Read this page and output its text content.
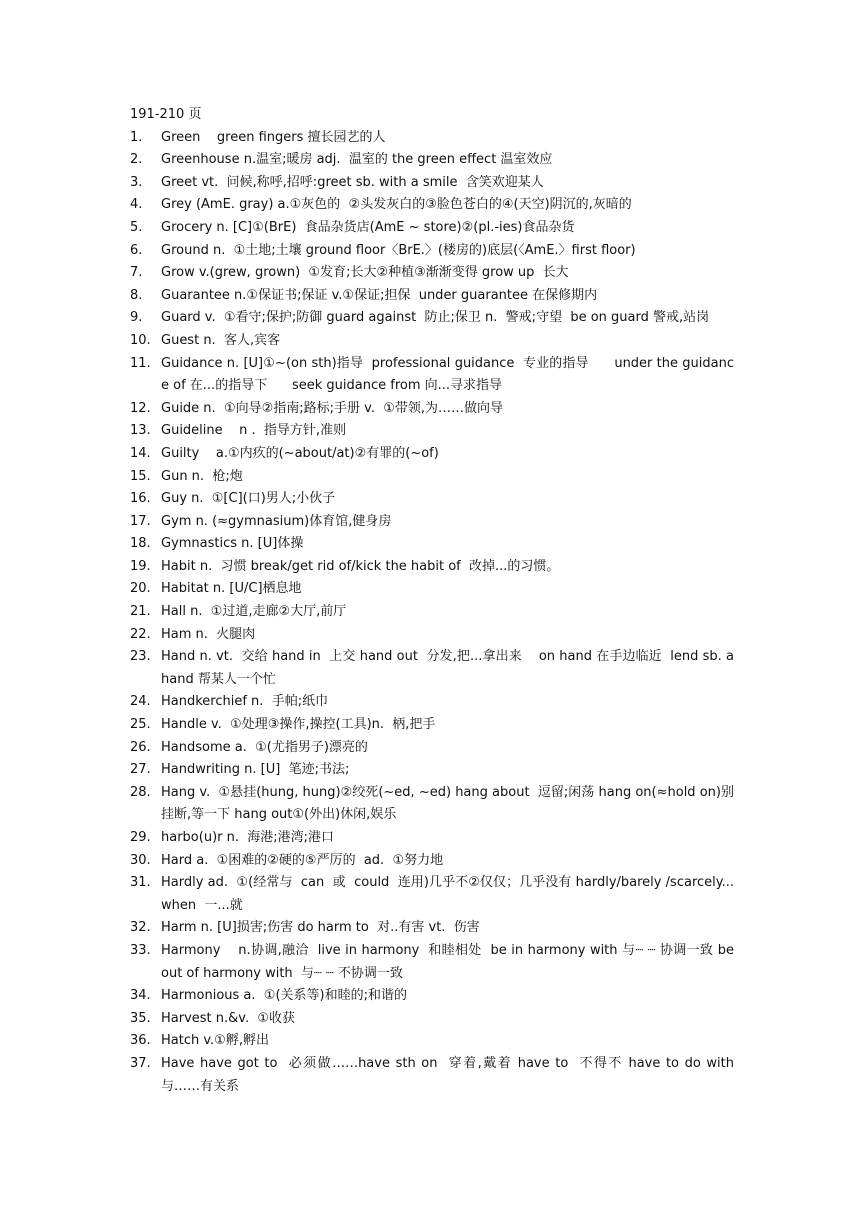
191-210 页

1.	Green    green fingers 擅长园艺的人
2.	Greenhouse n.温室;暖房 adj.  温室的 the green effect 温室效应
3.	Greet vt.  问候,称呼,招呼:greet sb. with a smile  含笑欢迎某人
4.	Grey (AmE. gray) a.①灰色的  ②头发灰白的③脸色苍白的④(天空)阴沉的,灰暗的
5.	Grocery n. [C]①(BrE)  食品杂货店(AmE ~ store)②(pl.-ies)食品杂货
6.	Ground n.  ①土地;土壤 ground floor〈BrE.〉(楼房的)底层(〈AmE.〉first floor)
7.	Grow v.(grew, grown)  ①发育;长大②种植③渐渐变得 grow up  长大
8.	Guarantee n.①保证书;保证 v.①保证;担保  under guarantee 在保修期内
9.	Guard v.  ①看守;保护;防御 guard against  防止;保卫 n.  警戒;守望  be on guard 警戒,站岗
10. Guest n.  客人,宾客
11. Guidance n. [U]①~(on sth)指导  professional guidance  专业的指导      under the guidance of 在...的指导下      seek guidance from 向...寻求指导
12. Guide n.  ①向导②指南;路标;手册 v.  ①带领,为……做向导
13. Guideline    n .  指导方针,准则
14. Guilty    a.①内疚的(~about/at)②有罪的(~of)
15. Gun n.  枪;炮
16. Guy n.  ①[C](口)男人;小伙子
17. Gym n. (≈gymnasium)体育馆,健身房
18. Gymnastics n. [U]体操
19. Habit n.  习惯 break/get rid of/kick the habit of  改掉...的习惯。
20. Habitat n. [U/C]栖息地
21. Hall n.  ①过道,走廊②大厅,前厅
22. Ham n.  火腿肉
23. Hand n. vt.  交给 hand in  上交 hand out  分发,把...拿出来    on hand 在手边临近  lend sb. a hand 帮某人一个忙
24. Handkerchief n.  手帕;纸巾
25. Handle v.  ①处理③操作,操控(工具)n.  柄,把手
26. Handsome a.  ①(尤指男子)漂亮的
27. Handwriting n. [U]  笔迹;书法;
28. Hang v.  ①悬挂(hung, hung)②绞死(~ed, ~ed) hang about  逗留;闲荡 hang on(≈hold on)别挂断,等一下 hang out①(外出)休闲,娱乐
29. harbo(u)r n.  海港;港湾;港口
30. Hard a.  ①困难的②硬的⑤严厉的  ad.  ①努力地
31. Hardly ad.  ①(经常与  can  或  could  连用)几乎不②仅仅；几乎没有 hardly/barely /scarcely...when  一...就
32. Harm n. [U]损害;伤害 do harm to  对..有害 vt.  伤害
33. Harmony    n.协调,融洽  live in harmony  和睦相处  be in harmony with 与┈ ┈ 协调一致 be out of harmony with  与┈ ┈ 不协调一致
34. Harmonious a.  ①(关系等)和睦的;和谐的
35. Harvest n.&v.  ①收获
36. Hatch v.①孵,孵出
37. Have have got to  必须做……have sth on  穿着,戴着 have to  不得不 have to do with 与……有关系
